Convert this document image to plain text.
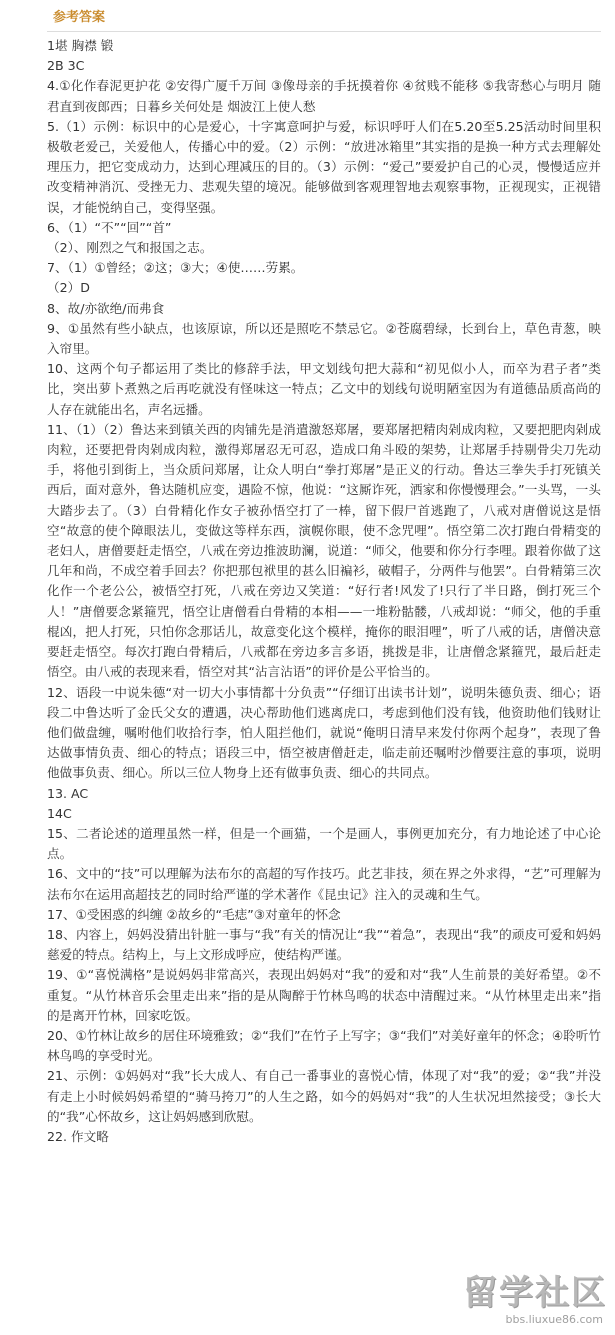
参考答案

1堪 胸襟 锻

2B 3C

4.①化作春泥更护花 ②安得广厦千万间 ③像母亲的手抚摸着你 ④贫贱不能移 ⑤我寄愁心与明月 随君直到夜郎西；日暮乡关何处是 烟波江上使人愁

5.（1）示例：标识中的心是爱心，十字寓意呵护与爱，标识呼吁人们在5.20至5.25活动时间里积极敬老爱己，关爱他人，传播心中的爱。（2）示例：“放进冰箱里”其实指的是换一种方式去理解处理压力，把它变成动力，达到心理减压的目的。（3）示例：“爱己”要爱护自己的心灵，慢慢适应并改变精神消沉、受挫无力、悲观失望的境况。能够做到客观理智地去观察事物，正视现实，正视错误，才能悦纳自己，变得坚强。

6、（1）“不”“回”“首”

（2）、刚烈之气和报国之志。

7、（1）①曾经；②这；③大；④使……劳累。

（2）D

8、故/亦欲绝/而弗食

9、①虽然有些小缺点，也该原谅，所以还是照吃不禁忌它。②苍腐碧绿，长到台上，草色青葱，映入帘里。

10、这两个句子都运用了类比的修辞手法，甲文划线句把大蒜和“初见似小人，而卒为君子者”类比，突出萝卜煮熟之后再吃就没有怪味这一特点；乙文中的划线句说明陋室因为有道德品质高尚的人存在就能出名，声名远播。

11、（1）（2）鲁达来到镇关西的肉铺先是消遣激怒郑屠，要郑屠把精肉剁成肉粒，又要把肥肉剁成肉粒，还要把骨肉剁成肉粒，激得郑屠忍无可忍，造成口角斗殴的架势，让郑屠手持剔骨尖刀先动手，将他引到街上，当众质问郑屠，让众人明白“拳打郑屠”是正义的行动。鲁达三拳失手打死镇关西后，面对意外，鲁达随机应变，遇险不惊，他说：“这厮诈死，洒家和你慢慢理会。”一头骂，一头大踏步去了。（3）白骨精化作女子被孙悟空打了一棒，留下假尸首逃跑了，八戒对唐僧说这是悟空“故意的使个障眼法儿，变做这等样东西，演幌你眼，使不念咒哩”。悟空第二次打跑白骨精变的老妇人，唐僧要赶走悟空，八戒在旁边推波助澜，说道：“师父，他要和你分行李哩。跟着你做了这几年和尚，不成空着手回去？你把那包袱里的甚么旧褊衫，破帽子，分两件与他罢”。白骨精第三次化作一个老公公，被悟空打死，八戒在旁边又笑道：“好行者!风发了!只行了半日路，倒打死三个人！”唐僧要念紧箍咒，悟空让唐僧看白骨精的本相——一堆粉骷髅，八戒却说：“师父，他的手重棍凶，把人打死，只怕你念那话儿，故意变化这个模样，掩你的眼泪哩”，听了八戒的话，唐僧决意要赶走悟空。每次打跑白骨精后，八戒都在旁边多言多语，挑拨是非，让唐僧念紧箍咒，最后赶走悟空。由八戒的表现来看，悟空对其“沾言沾语”的评价是公平恰当的。

12、语段一中说朱德“对一切大小事情都十分负责”“仔细订出读书计划”，说明朱德负责、细心；语段二中鲁达听了金氏父女的遭遇，决心帮助他们逃离虎口，考虑到他们没有钱，他资助他们钱财让他们做盘缠，嘱咐他们收拾行李，怕人阻拦他们，就说“俺明日清早来发付你两个起身”，表现了鲁达做事情负责、细心的特点；语段三中，悟空被唐僧赶走，临走前还嘱咐沙僧要注意的事项，说明他做事负责、细心。所以三位人物身上还有做事负责、细心的共同点。

13. AC

14C

15、二者论述的道理虽然一样，但是一个画猫，一个是画人，事例更加充分，有力地论述了中心论点。

16、文中的“技”可以理解为法布尔的高超的写作技巧。此艺非技，须在界之外求得，“艺”可理解为法布尔在运用高超技艺的同时给严谨的学术著作《昆虫记》注入的灵魂和生气。

17、①受困惑的纠缠 ②故乡的“毛痣”③对童年的怀念

18、内容上，妈妈没猜出针脏一事与“我”有关的情况让“我”“着急”，表现出“我”的顽皮可爱和妈妈慈爱的特点。结构上，与上文形成呼应，使结构严谨。

19、①“喜悦满格”是说妈妈非常高兴，表现出妈妈对“我”的爱和对“我”人生前景的美好希望。②不重复。“从竹林音乐会里走出来”指的是从陶醉于竹林鸟鸣的状态中清醒过来。“从竹林里走出来”指的是离开竹林，回家吃饭。

20、①竹林让故乡的居住环境雅致；②“我们”在竹子上写字；③“我们”对美好童年的怀念；④聆听竹林鸟鸣的享受时光。

21、示例：①妈妈对“我”长大成人、有自己一番事业的喜悦心情，体现了对“我”的爱；②“我”并没有走上小时候妈妈希望的“骑马挎刀”的人生之路，如今的妈妈对“我”的人生状况坦然接受；③长大的“我”心怀故乡，这让妈妈感到欣慰。

22. 作文略

留学社区
bbs.liuxue86.com
